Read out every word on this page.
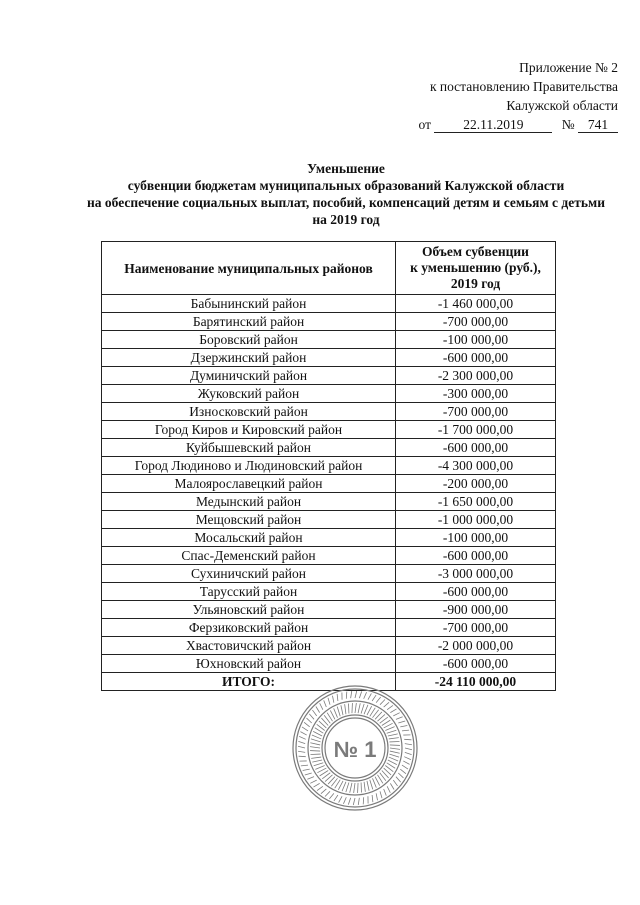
Приложение № 2
к постановлению Правительства
Калужской области
от 22.11.2019	№ 741
Уменьшение
субвенции бюджетам муниципальных образований Калужской области
на обеспечение социальных выплат, пособий, компенсаций детям и семьям с детьми
на 2019 год
Наименование муниципальных районов	Объем субвенции
к уменьшению (руб.),
2019 год

Бабынинский район	-1 460 000,00
Барятинский район	-700 000,00
Боровский район	-100 000,00
Дзержинский район	-600 000,00
Думиничский район	-2 300 000,00
Жуковский район	-300 000,00
Износковский район	-700 000,00
Город Киров и Кировский район	-1 700 000,00
Куйбышевский район	-600 000,00
Город Людиново и Людиновский район	-4 300 000,00
Малоярославецкий район	-200 000,00
Медынский район	-1 650 000,00
Мещовский район	-1 000 000,00
Мосальский район	-100 000,00
Спас-Деменский район	-600 000,00
Сухиничский район	-3 000 000,00
Тарусский район	-600 000,00
Ульяновский район	-900 000,00
Ферзиковский район	-700 000,00
Хвастовичский район	-2 000 000,00
Юхновский район	-600 000,00
ИТОГО:	-24 110 000,00
№ 1
